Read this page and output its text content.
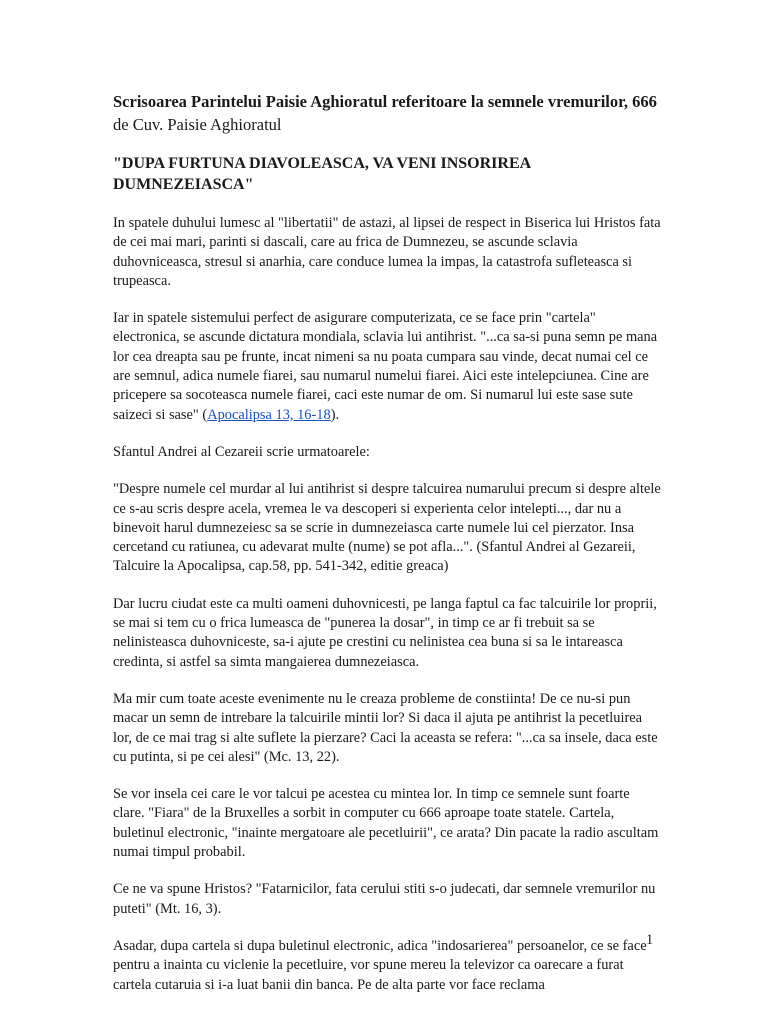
Scrisoarea Parintelui Paisie Aghioratul referitoare la semnele vremurilor, 666 de Cuv. Paisie Aghioratul
"DUPA FURTUNA DIAVOLEASCA, VA VENI INSORIREA DUMNEZEIASCA"

In spatele duhului lumesc al "libertatii" de astazi, al lipsei de respect in Biserica lui Hristos fata de cei mai mari, parinti si dascali, care au frica de Dumnezeu, se ascunde sclavia duhovniceasca, stresul si anarhia, care conduce lumea la impas, la catastrofa sufleteasca si trupeasca.

Iar in spatele sistemului perfect de asigurare computerizata, ce se face prin "cartela" electronica, se ascunde dictatura mondiala, sclavia lui antihrist. "...ca sa-si puna semn pe mana lor cea dreapta sau pe frunte, incat nimeni sa nu poata cumpara sau vinde, decat numai cel ce are semnul, adica numele fiarei, sau numarul numelui fiarei. Aici este intelepciunea. Cine are pricepere sa socoteasca numele fiarei, caci este numar de om. Si numarul lui este sase sute saizeci si sase" (Apocalipsa 13, 16-18).

Sfantul Andrei al Cezareii scrie urmatoarele:

"Despre numele cel murdar al lui antihrist si despre talcuirea numarului precum si despre altele ce s-au scris despre acela, vremea le va descoperi si experienta celor intelepti..., dar nu a binevoit harul dumnezeiesc sa se scrie in dumnezeiasca carte numele lui cel pierzator. Insa cercetand cu ratiunea, cu adevarat multe (nume) se pot afla...". (Sfantul Andrei al Gezareii, Talcuire la Apocalipsa, cap.58, pp. 541-342, editie greaca)

Dar lucru ciudat este ca multi oameni duhovnicesti, pe langa faptul ca fac talcuirile lor proprii, se mai si tem cu o frica lumeasca de "punerea la dosar", in timp ce ar fi trebuit sa se nelinisteasca duhovniceste, sa-i ajute pe crestini cu nelinistea cea buna si sa le intareasca credinta, si astfel sa simta mangaierea dumnezeiasca.

Ma mir cum toate aceste evenimente nu le creaza probleme de constiinta! De ce nu-si pun macar un semn de intrebare la talcuirile mintii lor? Si daca il ajuta pe antihrist la pecetluirea lor, de ce mai trag si alte suflete la pierzare? Caci la aceasta se refera: "...ca sa insele, daca este cu putinta, si pe cei alesi" (Mc. 13, 22).

Se vor insela cei care le vor talcui pe acestea cu mintea lor. In timp ce semnele sunt foarte clare. "Fiara" de la Bruxelles a sorbit in computer cu 666 aproape toate statele. Cartela, buletinul electronic, "inainte mergatoare ale pecetluirii", ce arata? Din pacate la radio ascultam numai timpul probabil.

Ce ne va spune Hristos? "Fatarnicilor, fata cerului stiti s-o judecati, dar semnele vremurilor nu puteti" (Mt. 16, 3).

Asadar, dupa cartela si dupa buletinul electronic, adica "indosarierea" persoanelor, ce se face pentru a inainta cu viclenie la pecetluire, vor spune mereu la televizor ca oarecare a furat cartela cutaruia si i-a luat banii din banca. Pe de alta parte vor face reclama

1
